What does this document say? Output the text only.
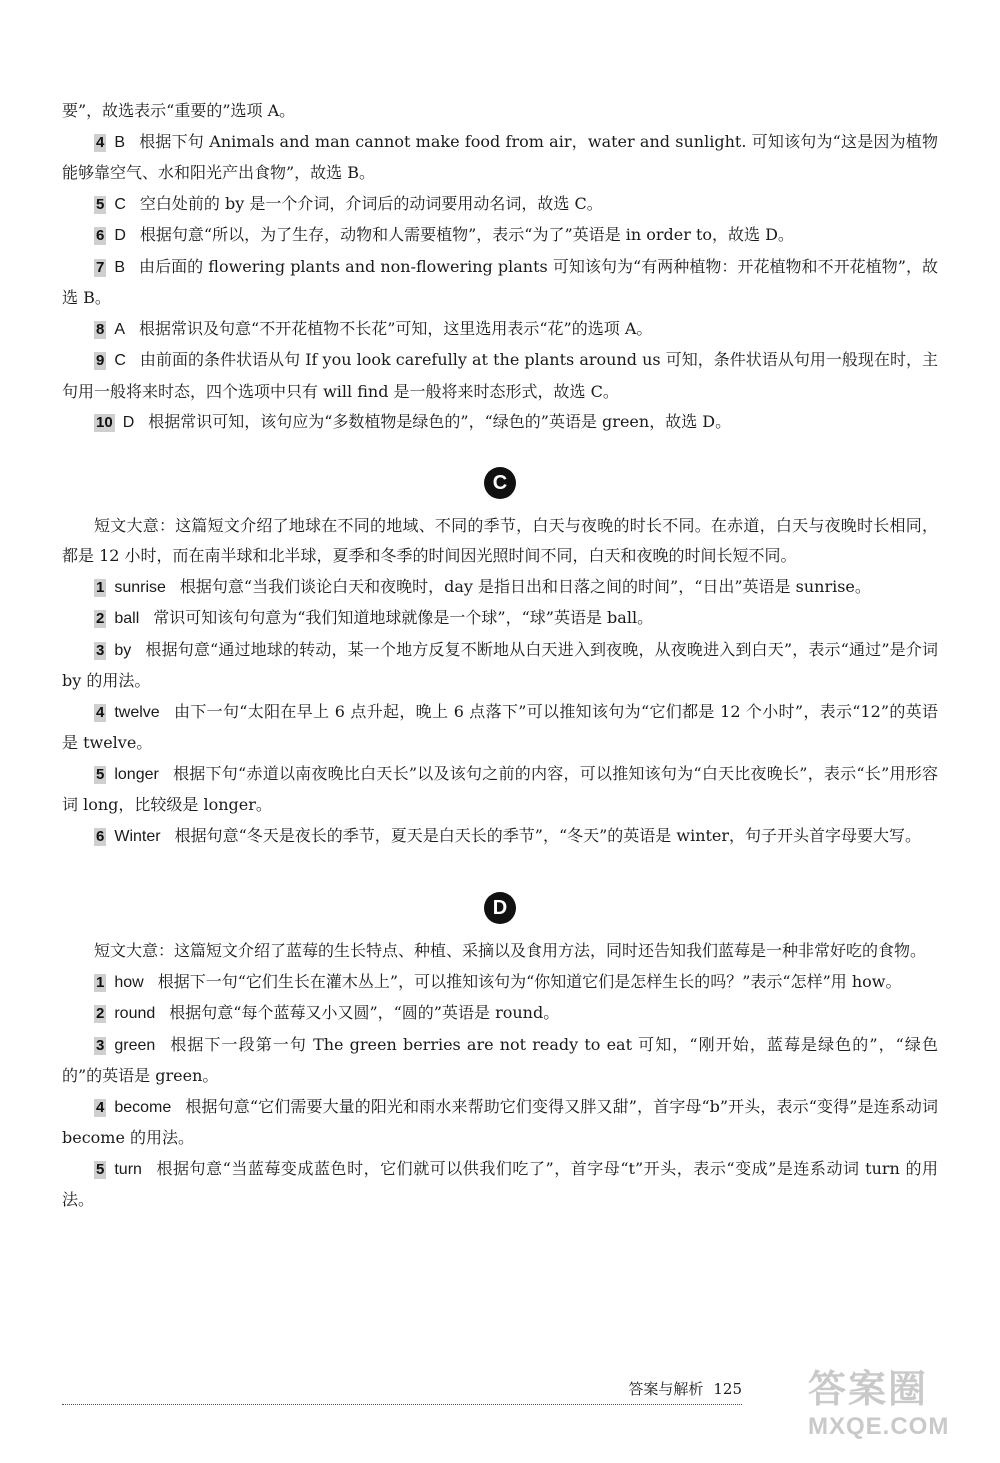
要”，故选表示“重要的”选项 A。

4 B 根据下句 Animals and man cannot make food from air，water and sunlight. 可知该句为“这是因为植物能够靠空气、水和阳光产出食物”，故选 B。

5 C 空白处前的 by 是一个介词，介词后的动词要用动名词，故选 C。

6 D 根据句意“所以，为了生存，动物和人需要植物”，表示“为了”英语是 in order to，故选 D。

7 B 由后面的 flowering plants and non-flowering plants 可知该句为“有两种植物：开花植物和不开花植物”，故选 B。

8 A 根据常识及句意“不开花植物不长花”可知，这里选用表示“花”的选项 A。

9 C 由前面的条件状语从句 If you look carefully at the plants around us 可知，条件状语从句用一般现在时，主句用一般将来时态，四个选项中只有 will find 是一般将来时态形式，故选 C。

10 D 根据常识可知，该句应为“多数植物是绿色的”，“绿色的”英语是 green，故选 D。

C

短文大意：这篇短文介绍了地球在不同的地域、不同的季节，白天与夜晚的时长不同。在赤道，白天与夜晚时长相同，都是 12 小时，而在南半球和北半球，夏季和冬季的时间因光照时间不同，白天和夜晚的时间长短不同。

1 sunrise 根据句意“当我们谈论白天和夜晚时，day 是指日出和日落之间的时间”，“日出”英语是 sunrise。

2 ball 常识可知该句句意为“我们知道地球就像是一个球”，“球”英语是 ball。

3 by 根据句意“通过地球的转动，某一个地方反复不断地从白天进入到夜晚，从夜晚进入到白天”，表示“通过”是介词 by 的用法。

4 twelve 由下一句“太阳在早上 6 点升起，晚上 6 点落下”可以推知该句为“它们都是 12 个小时”，表示“12”的英语是 twelve。

5 longer 根据下句“赤道以南夜晚比白天长”以及该句之前的内容，可以推知该句为“白天比夜晚长”，表示“长”用形容词 long，比较级是 longer。

6 Winter 根据句意“冬天是夜长的季节，夏天是白天长的季节”，“冬天”的英语是 winter，句子开头首字母要大写。

D

短文大意：这篇短文介绍了蓝莓的生长特点、种植、采摘以及食用方法，同时还告知我们蓝莓是一种非常好吃的食物。

1 how 根据下一句“它们生长在灌木丛上”，可以推知该句为“你知道它们是怎样生长的吗？”表示“怎样”用 how。

2 round 根据句意“每个蓝莓又小又圆”，“圆的”英语是 round。

3 green 根据下一段第一句 The green berries are not ready to eat 可知，“刚开始，蓝莓是绿色的”，“绿色的”的英语是 green。

4 become 根据句意“它们需要大量的阳光和雨水来帮助它们变得又胖又甜”，首字母“b”开头，表示“变得”是连系动词 become 的用法。

5 turn 根据句意“当蓝莓变成蓝色时，它们就可以供我们吃了”，首字母“t”开头，表示“变成”是连系动词 turn 的用法。

答案与解析 125 答案圈
MXQE.COM
